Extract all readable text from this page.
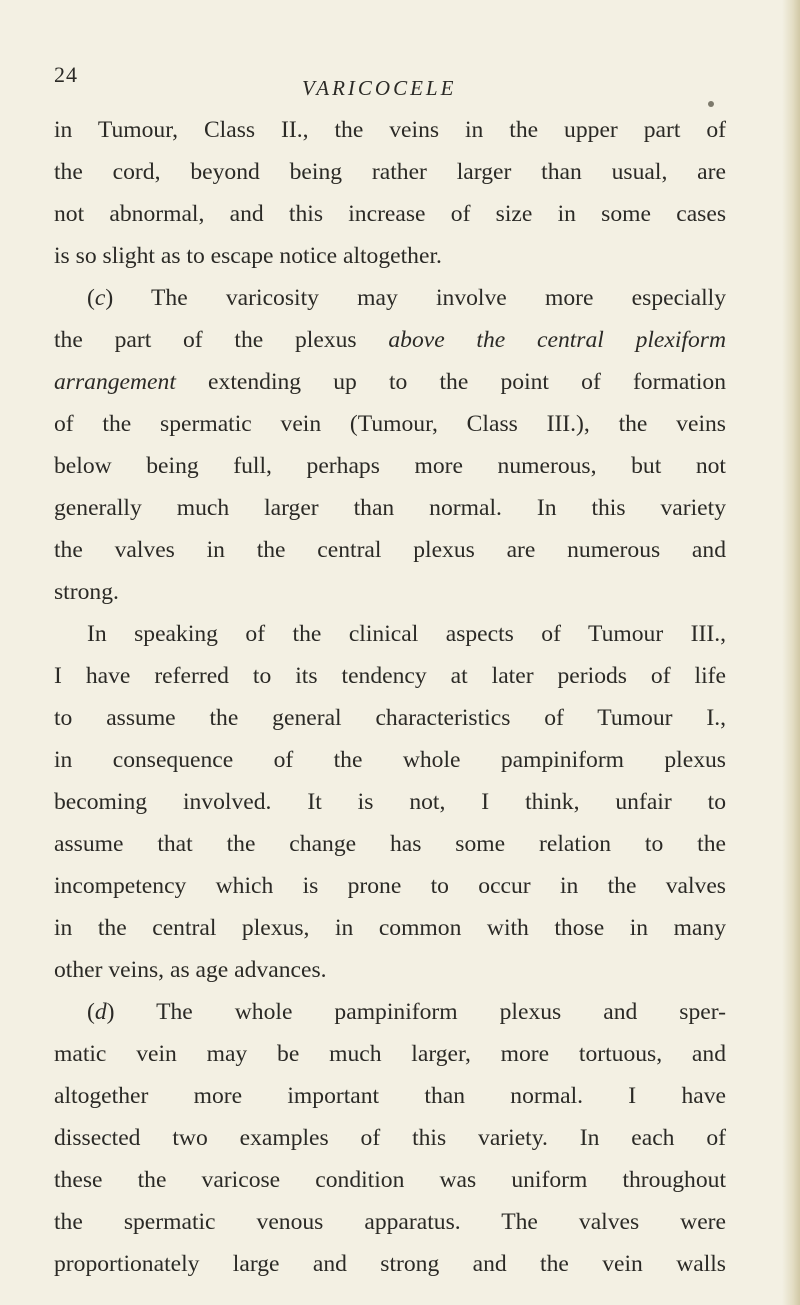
24
VARICOCELE
in Tumour, Class II., the veins in the upper part of
the cord, beyond being rather larger than usual, are
not abnormal, and this increase of size in some cases
is so slight as to escape notice altogether.
(c) The varicosity may involve more especially
the part of the plexus above the central plexiform
arrangement extending up to the point of formation
of the spermatic vein (Tumour, Class III.), the veins
below being full, perhaps more numerous, but not
generally much larger than normal. In this variety
the valves in the central plexus are numerous and
strong.
In speaking of the clinical aspects of Tumour III.,
I have referred to its tendency at later periods of life
to assume the general characteristics of Tumour I.,
in consequence of the whole pampiniform plexus
becoming involved. It is not, I think, unfair to
assume that the change has some relation to the
incompetency which is prone to occur in the valves
in the central plexus, in common with those in many
other veins, as age advances.
(d) The whole pampiniform plexus and sper-
matic vein may be much larger, more tortuous, and
altogether more important than normal. I have
dissected two examples of this variety. In each of
these the varicose condition was uniform throughout
the spermatic venous apparatus. The valves were
proportionately large and strong and the vein walls
